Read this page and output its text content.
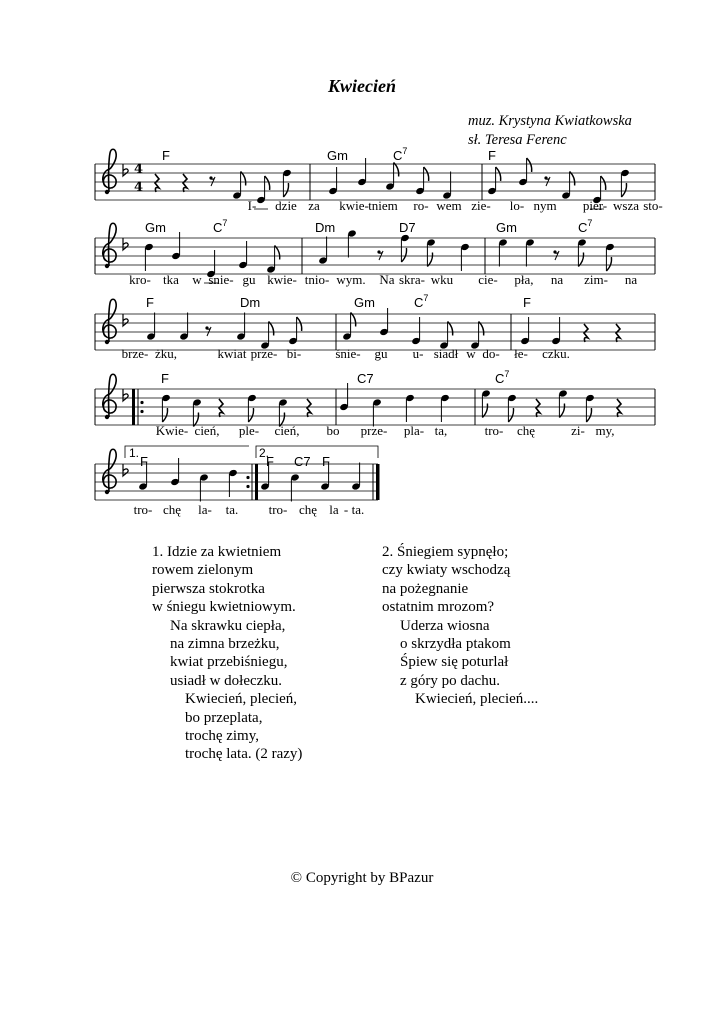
Kwiecień
muz. Krystyna Kwiatkowska
sł. Teresa Ferenc
4
4
1.	2.
F	Gm	$C^7$	F
Gm	$C^7$	Dm	D7	Gm	$C^7$
F	Dm	Gm	$C^7$	F
F	C7	$C^7$
F	F C7 F
I- dzie za kwie- tniem ro- wem zie- lo- nym pier- wsza sto-
kro- tka w śnie- gu kwie- tnio- wym. Na skra- wku cie- pła, na zim- na
brze- żku,	kwiat prze- bi-	śnie- gu u- siadł w do- łe- czku.
Kwie- cień, ple- cień, bo prze- pla- ta,	tro- chę	zi- my,
tro- chę la- ta. tro- chę la - ta.
1. Idzie za kwietniem
rowem zielonym
pierwsza stokrotka
w śniegu kwietniowym.
Na skrawku ciepła,
na zimna brzeżku,
kwiat przebiśniegu,
usiadł w dołeczku.
Kwiecień, plecień,
bo przeplata,
trochę zimy,
trochę lata. (2 razy)
2. Śniegiem sypnęło;
czy kwiaty wschodzą
na pożegnanie
ostatnim mrozom?
Uderza wiosna
o skrzydła ptakom
Śpiew się poturlał
z góry po dachu.
Kwiecień, plecień....
© Copyright by BPazur
